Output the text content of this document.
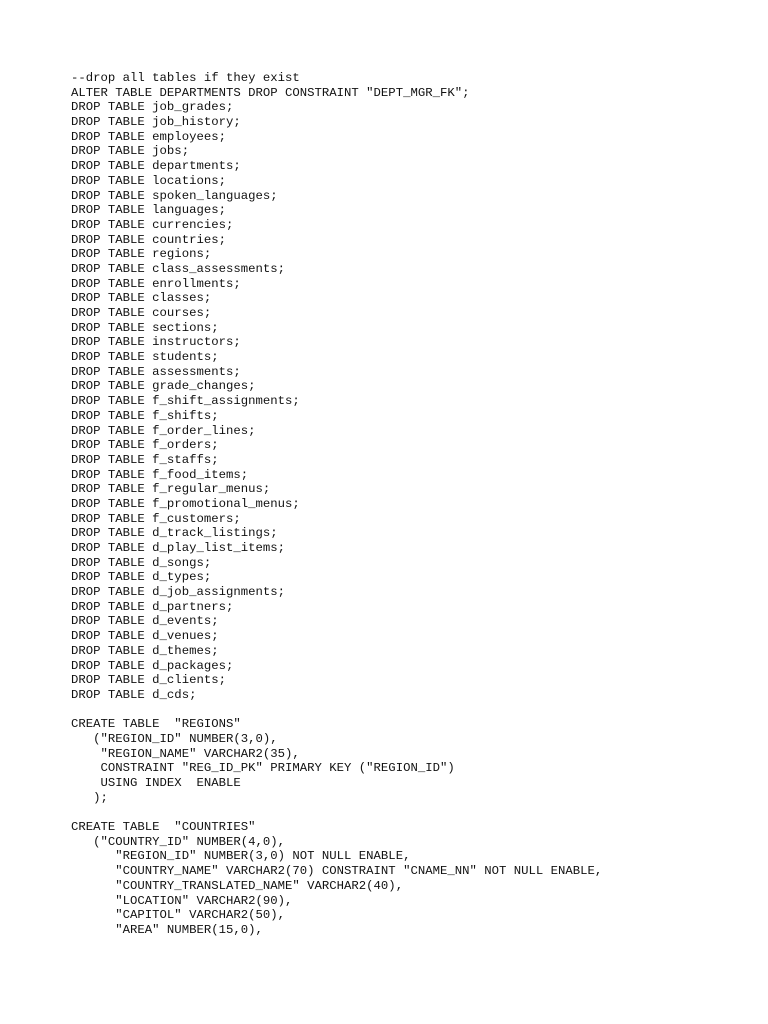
--drop all tables if they exist
ALTER TABLE DEPARTMENTS DROP CONSTRAINT "DEPT_MGR_FK";
DROP TABLE job_grades;
DROP TABLE job_history;
DROP TABLE employees;
DROP TABLE jobs;
DROP TABLE departments;
DROP TABLE locations;
DROP TABLE spoken_languages;
DROP TABLE languages;
DROP TABLE currencies;
DROP TABLE countries;
DROP TABLE regions;
DROP TABLE class_assessments;
DROP TABLE enrollments;
DROP TABLE classes;
DROP TABLE courses;
DROP TABLE sections;
DROP TABLE instructors;
DROP TABLE students;
DROP TABLE assessments;
DROP TABLE grade_changes;
DROP TABLE f_shift_assignments;
DROP TABLE f_shifts;
DROP TABLE f_order_lines;
DROP TABLE f_orders;
DROP TABLE f_staffs;
DROP TABLE f_food_items;
DROP TABLE f_regular_menus;
DROP TABLE f_promotional_menus;
DROP TABLE f_customers;
DROP TABLE d_track_listings;
DROP TABLE d_play_list_items;
DROP TABLE d_songs;
DROP TABLE d_types;
DROP TABLE d_job_assignments;
DROP TABLE d_partners;
DROP TABLE d_events;
DROP TABLE d_venues;
DROP TABLE d_themes;
DROP TABLE d_packages;
DROP TABLE d_clients;
DROP TABLE d_cds;
CREATE TABLE  "REGIONS"
("REGION_ID" NUMBER(3,0),
"REGION_NAME" VARCHAR2(35),
CONSTRAINT "REG_ID_PK" PRIMARY KEY ("REGION_ID")
USING INDEX  ENABLE
);
CREATE TABLE  "COUNTRIES"
("COUNTRY_ID" NUMBER(4,0),
"REGION_ID" NUMBER(3,0) NOT NULL ENABLE,
"COUNTRY_NAME" VARCHAR2(70) CONSTRAINT "CNAME_NN" NOT NULL ENABLE,
"COUNTRY_TRANSLATED_NAME" VARCHAR2(40),
"LOCATION" VARCHAR2(90),
"CAPITOL" VARCHAR2(50),
"AREA" NUMBER(15,0),
